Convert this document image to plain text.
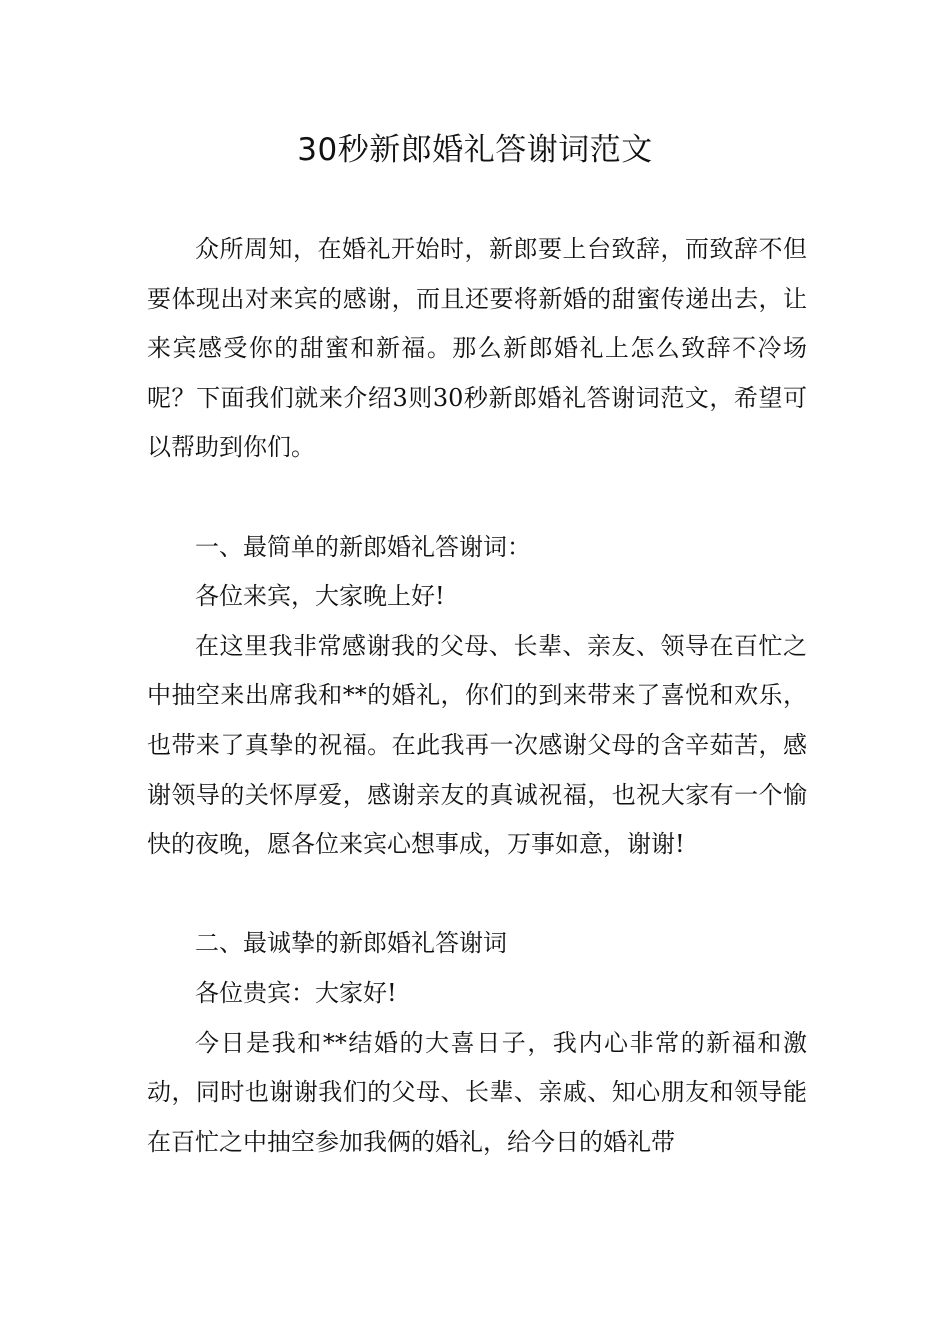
30秒新郎婚礼答谢词范文

众所周知，在婚礼开始时，新郎要上台致辞，而致辞不但要体现出对来宾的感谢，而且还要将新婚的甜蜜传递出去，让来宾感受你的甜蜜和新福。那么新郎婚礼上怎么致辞不冷场呢？下面我们就来介绍3则30秒新郎婚礼答谢词范文，希望可以帮助到你们。

一、最简单的新郎婚礼答谢词：

各位来宾，大家晚上好!

在这里我非常感谢我的父母、长辈、亲友、领导在百忙之中抽空来出席我和**的婚礼，你们的到来带来了喜悦和欢乐，也带来了真挚的祝福。在此我再一次感谢父母的含辛茹苦，感谢领导的关怀厚爱，感谢亲友的真诚祝福，也祝大家有一个愉快的夜晚，愿各位来宾心想事成，万事如意，谢谢!

二、最诚挚的新郎婚礼答谢词

各位贵宾：大家好!

今日是我和**结婚的大喜日子，我内心非常的新福和激动，同时也谢谢我们的父母、长辈、亲戚、知心朋友和领导能在百忙之中抽空参加我俩的婚礼，给今日的婚礼带
